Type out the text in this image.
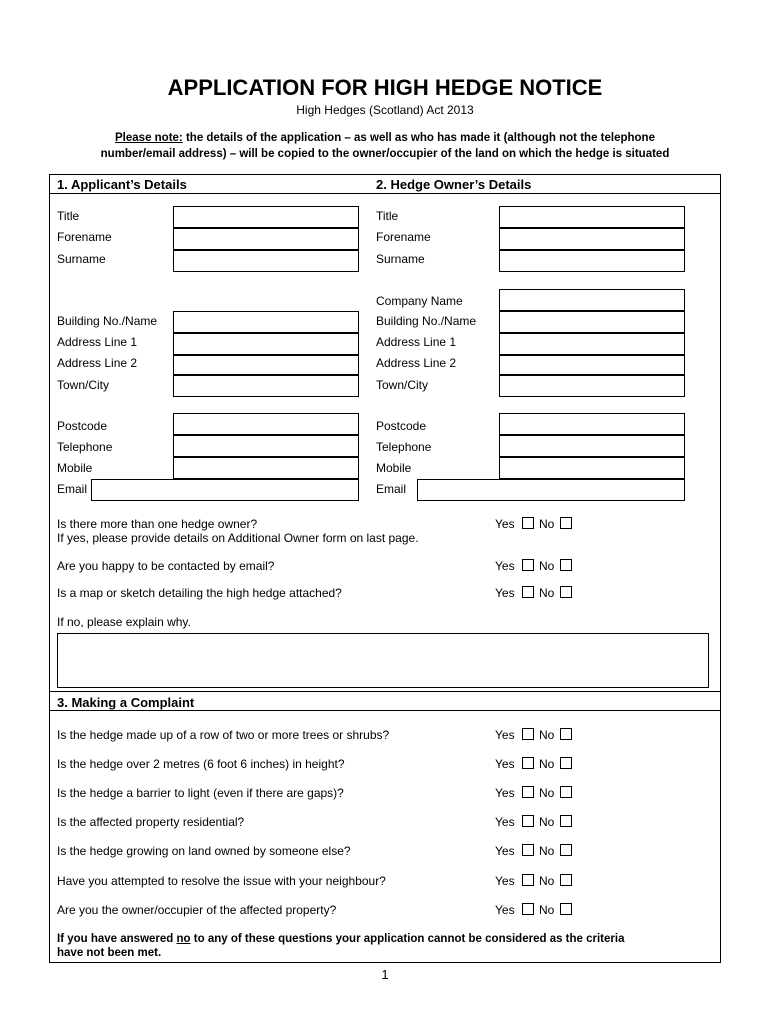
APPLICATION FOR HIGH HEDGE NOTICE
High Hedges (Scotland) Act 2013
Please note: the details of the application – as well as who has made it (although not the telephone
number/email address) – will be copied to the owner/occupier of the land on which the hedge is situated
1. Applicant’s Details	2. Hedge Owner’s Details
3. Making a Complaint
Title
Forename
Surname
Building No./Name
Address Line 1
Address Line 2
Town/City
Postcode
Telephone
Mobile
Email
Title
Forename
Surname
Company Name
Building No./Name
Address Line 1
Address Line 2
Town/City
Postcode
Telephone
Mobile
Email
Is there more than one hedge owner?
If yes, please provide details on Additional Owner form on last page.
Are you happy to be contacted by email?
Is a map or sketch detailing the high hedge attached?
If no, please explain why.
Yes No
Yes No
Yes No
Is the hedge made up of a row of two or more trees or shrubs?
Is the hedge over 2 metres (6 foot 6 inches) in height?
Is the hedge a barrier to light (even if there are gaps)?
Is the affected property residential?
Is the hedge growing on land owned by someone else?
Have you attempted to resolve the issue with your neighbour?
Are you the owner/occupier of the affected property?
Yes No
Yes No
Yes No
Yes No
Yes No
Yes No
Yes No
If you have answered no to any of these questions your application cannot be considered as the criteria
have not been met.
1
